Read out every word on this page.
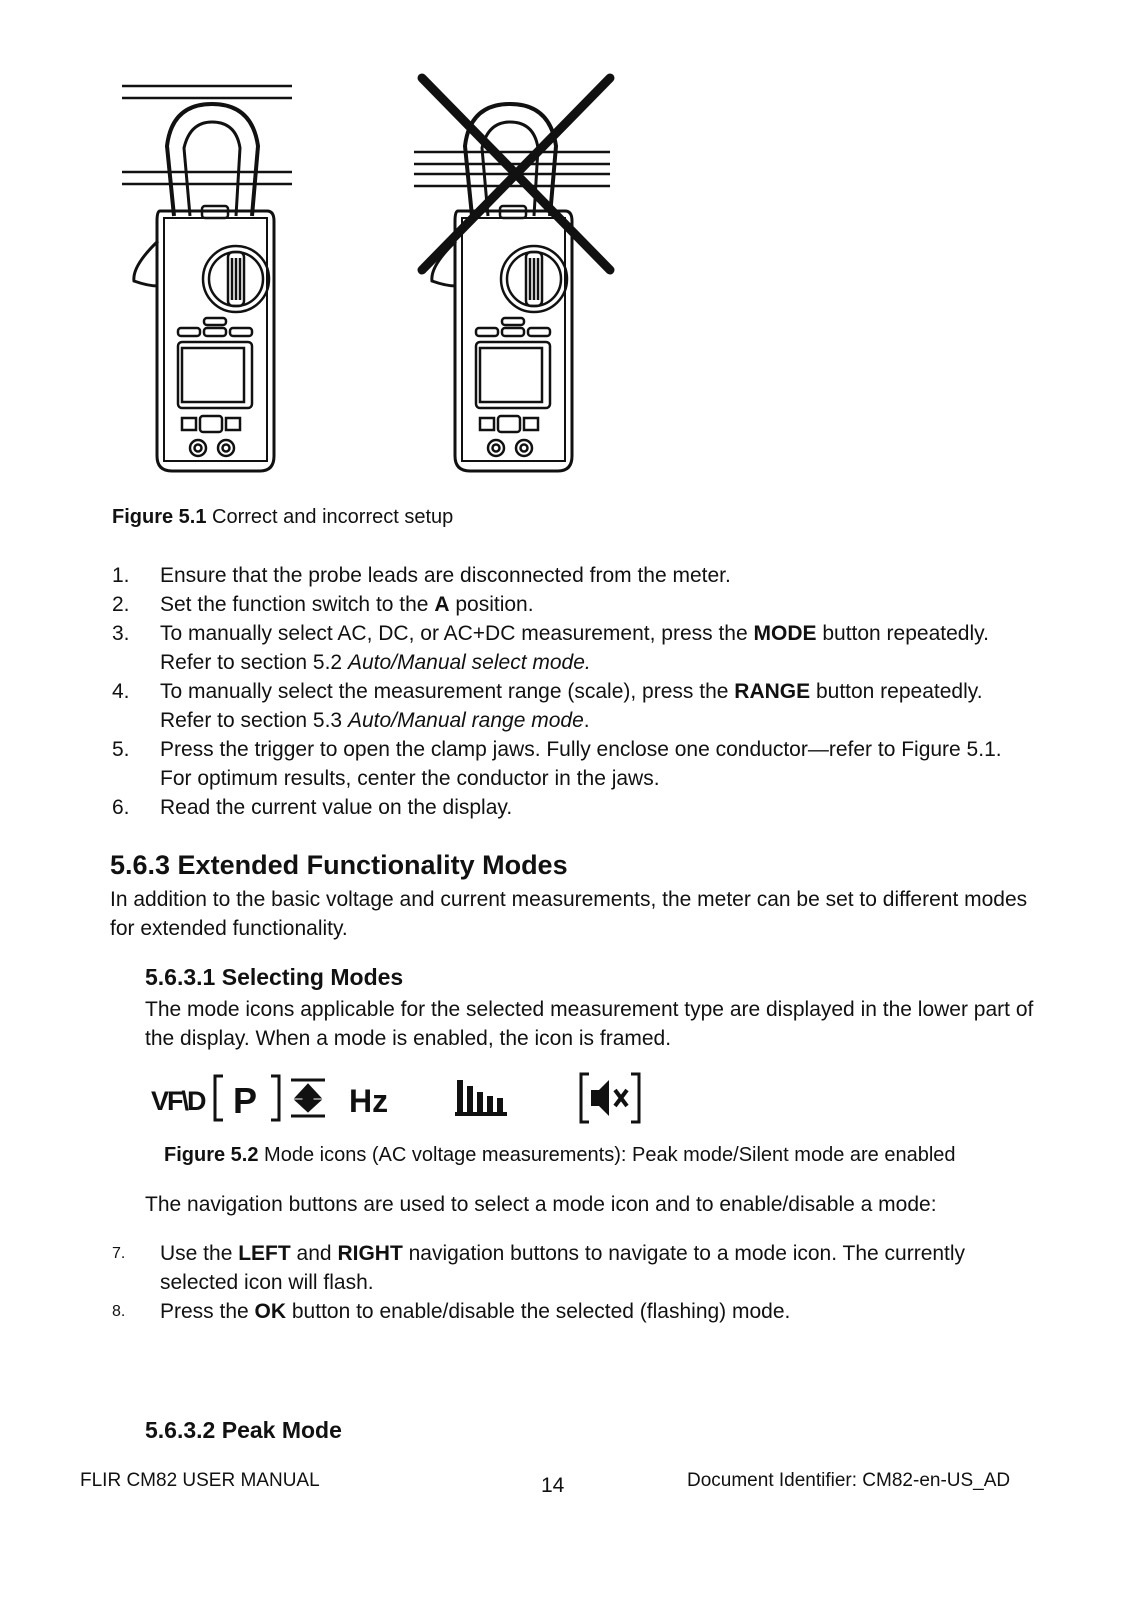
Figure 5.1 Correct and incorrect setup
1.	Ensure that the probe leads are disconnected from the meter.
2.	Set the function switch to the A position.
3.	To manually select AC, DC, or AC+DC measurement, press the MODE button repeatedly.
Refer to section 5.2 Auto/Manual select mode.
4.	To manually select the measurement range (scale), press the RANGE button repeatedly.
Refer to section 5.3 Auto/Manual range mode.
5.	Press the trigger to open the clamp jaws. Fully enclose one conductor—refer to Figure 5.1.
For optimum results, center the conductor in the jaws.
6.	Read the current value on the display.
5.6.3 Extended Functionality Modes
In addition to the basic voltage and current measurements, the meter can be set to different modes for extended functionality.
5.6.3.1 Selecting Modes
The mode icons applicable for the selected measurement type are displayed in the lower part of the display. When a mode is enabled, the icon is framed.
VF\D P	Hz
Figure 5.2 Mode icons (AC voltage measurements): Peak mode/Silent mode are enabled
The navigation buttons are used to select a mode icon and to enable/disable a mode:
7.	Use the LEFT and RIGHT navigation buttons to navigate to a mode icon. The currently
selected icon will flash.
8.	Press the OK button to enable/disable the selected (flashing) mode.
5.6.3.2 Peak Mode
FLIR CM82 USER MANUAL	14	Document Identifier: CM82-en-US_AD
